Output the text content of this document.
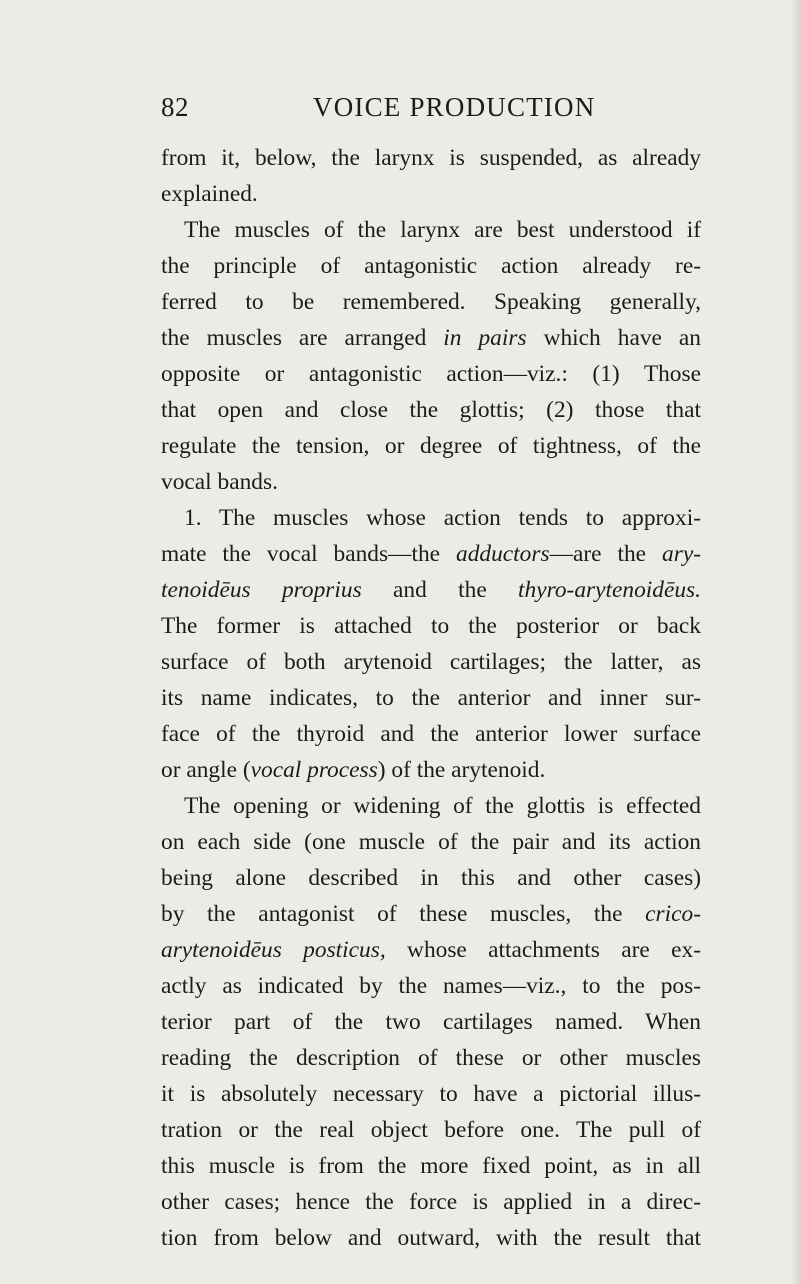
82	VOICE PRODUCTION
from it, below, the larynx is suspended, as already
explained.
The muscles of the larynx are best understood if
the principle of antagonistic action already re-
ferred to be remembered. Speaking generally,
the muscles are arranged in pairs which have an
opposite or antagonistic action—viz.: (1) Those
that open and close the glottis; (2) those that
regulate the tension, or degree of tightness, of the
vocal bands.
1. The muscles whose action tends to approxi-
mate the vocal bands—the adductors—are the ary-
tenoidēus proprius and the thyro-arytenoidēus.
The former is attached to the posterior or back
surface of both arytenoid cartilages; the latter, as
its name indicates, to the anterior and inner sur-
face of the thyroid and the anterior lower surface
or angle (vocal process) of the arytenoid.
The opening or widening of the glottis is effected
on each side (one muscle of the pair and its action
being alone described in this and other cases)
by the antagonist of these muscles, the crico-
arytenoidēus posticus, whose attachments are ex-
actly as indicated by the names—viz., to the pos-
terior part of the two cartilages named. When
reading the description of these or other muscles
it is absolutely necessary to have a pictorial illus-
tration or the real object before one. The pull of
this muscle is from the more fixed point, as in all
other cases; hence the force is applied in a direc-
tion from below and outward, with the result that
